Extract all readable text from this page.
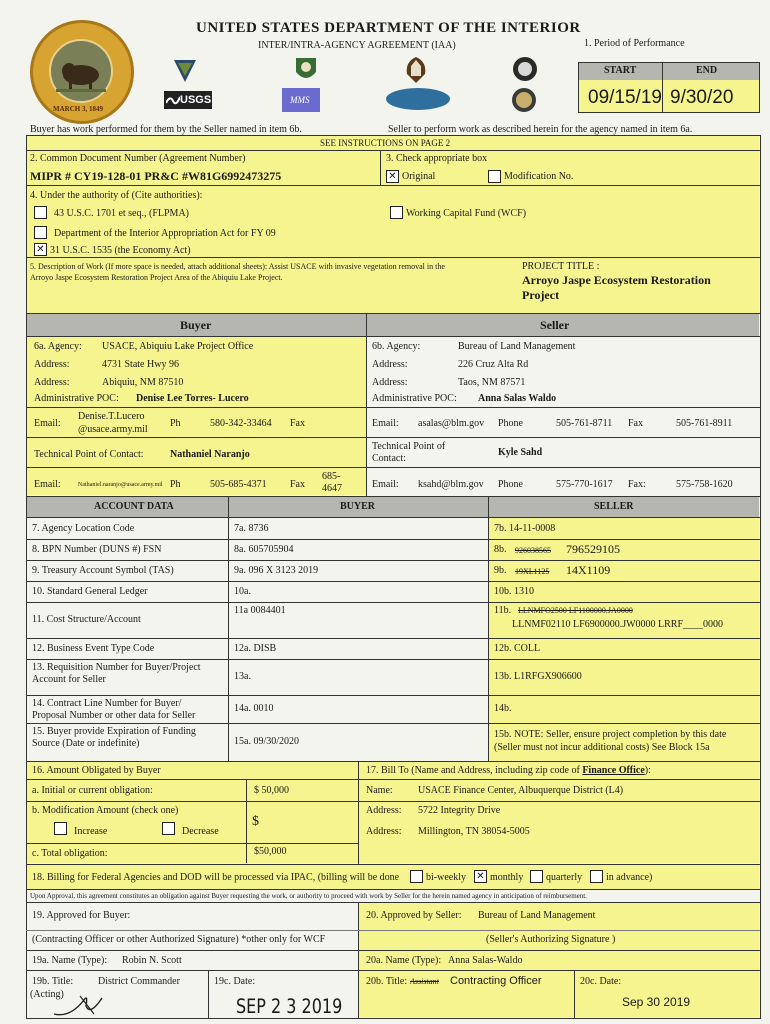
MARCH 3, 1849
UNITED STATES DEPARTMENT OF THE INTERIOR
INTER/INTRA-AGENCY AGREEMENT (IAA)
USGS	MMS
1. Period of Performance
START	END
09/15/19 9/30/20
Buyer has work performed for them by the Seller named in item 6b.	Seller to perform work as described herein for the agency named in item 6a.
SEE INSTRUCTIONS ON PAGE 2
2. Common Document Number (Agreement Number)
MIPR # CY19-128-01 PR&C #W81G6992473275
3. Check appropriate box
✕ Original	Modification No.
4. Under the authority of (Cite authorities):
43 U.S.C. 1701 et seq., (FLPMA)	Working Capital Fund (WCF)
Department of the Interior Appropriation Act for FY 09
✕ 31 U.S.C. 1535 (the Economy Act)
5. Description of Work (If more space is needed, attach additional sheets): Assist USACE with invasive vegetation removal in the
Arroyo Jaspe Ecosystem Restoration Project Area of the Abiquiu Lake Project.
PROJECT TITLE :
Arroyo Jaspe Ecosystem Restoration
Project
Buyer	Seller
6a. Agency: USACE, Abiquiu Lake Project Office
Address:	4731 State Hwy 96
Address:	Abiquiu, NM 87510
Administrative POC: Denise Lee Torres- Lucero
Email:
Denise.T.Lucero
@usace.army.mil
Ph	580-342-33464 Fax
Technical Point of Contact:	Nathaniel Naranjo
Email:	Nathaniel.naranjo@usace.army.mil Ph	505-685-4371 Fax
685-
4647
6b. Agency:	Bureau of Land Management
Address:	226 Cruz Alta Rd
Address:	Taos, NM 87571
Administrative POC: Anna Salas Waldo
Email: asalas@blm.gov Phone	505-761-8711 Fax	505-761-8911
Technical Point of
Contact:
Kyle Sahd
Email: ksahd@blm.gov Phone	575-770-1617 Fax:	575-758-1620
ACCOUNT DATA	BUYER	SELLER
7. Agency Location Code	7a. 8736	7b. 14-11-0008
8. BPN Number (DUNS #) FSN	8a. 605705904	8b. 926038565 796529105
9. Treasury Account Symbol (TAS)	9a. 096 X 3123 2019	9b. 19XL1125 14X1109
10. Standard General Ledger	10a.	10b. 1310
11. Cost Structure/Account
11a 0084401	11b. LLNMFO2500 LF1100000.JA0000
LLNMF02110 LF6900000.JW0000 LRRF____0000
12. Business Event Type Code	12a. DISB	12b. COLL
13. Requisition Number for Buyer/Project
Account for Seller	13a.	13b. L1RFGX906600
14. Contract Line Number for Buyer/
Proposal Number or other data for Seller
14a. 0010	14b.
15. Buyer provide Expiration of Funding
Source (Date or indefinite)	15a. 09/30/2020
15b. NOTE: Seller, ensure project completion by this date
(Seller must not incur additional costs) See Block 15a
16. Amount Obligated by Buyer
a. Initial or current obligation:	$ 50,000
b. Modification Amount (check one)
$
Increase	Decrease
c. Total obligation:	$50,000
17. Bill To (Name and Address, including zip code of Finance Office):
Name:	USACE Finance Center, Albuquerque District (L4)
Address: 5722 Integrity Drive
Address: Millington, TN 38054-5005
18. Billing for Federal Agencies and DOD will be processed via IPAC, (billing will be done	bi-weekly ✕ monthly quarterly in advance)
Upon Approval, this agreement constitutes an obligation against Buyer requesting the work, or authority to proceed with work by Seller for the herein named agency in anticipation of reimbursement.
19. Approved for Buyer:
(Contracting Officer or other Authorized Signature) *other only for WCF
19a. Name (Type): Robin N. Scott
19b. Title: District Commander
(Acting)
19c. Date:
SEP 2 3 2019
20. Approved by Seller: Bureau of Land Management
(Seller's Authorizing Signature )
20a. Name (Type): Anna Salas-Waldo
20b. Title: Assistant Contracting Officer	20c. Date:
Sep 30 2019
